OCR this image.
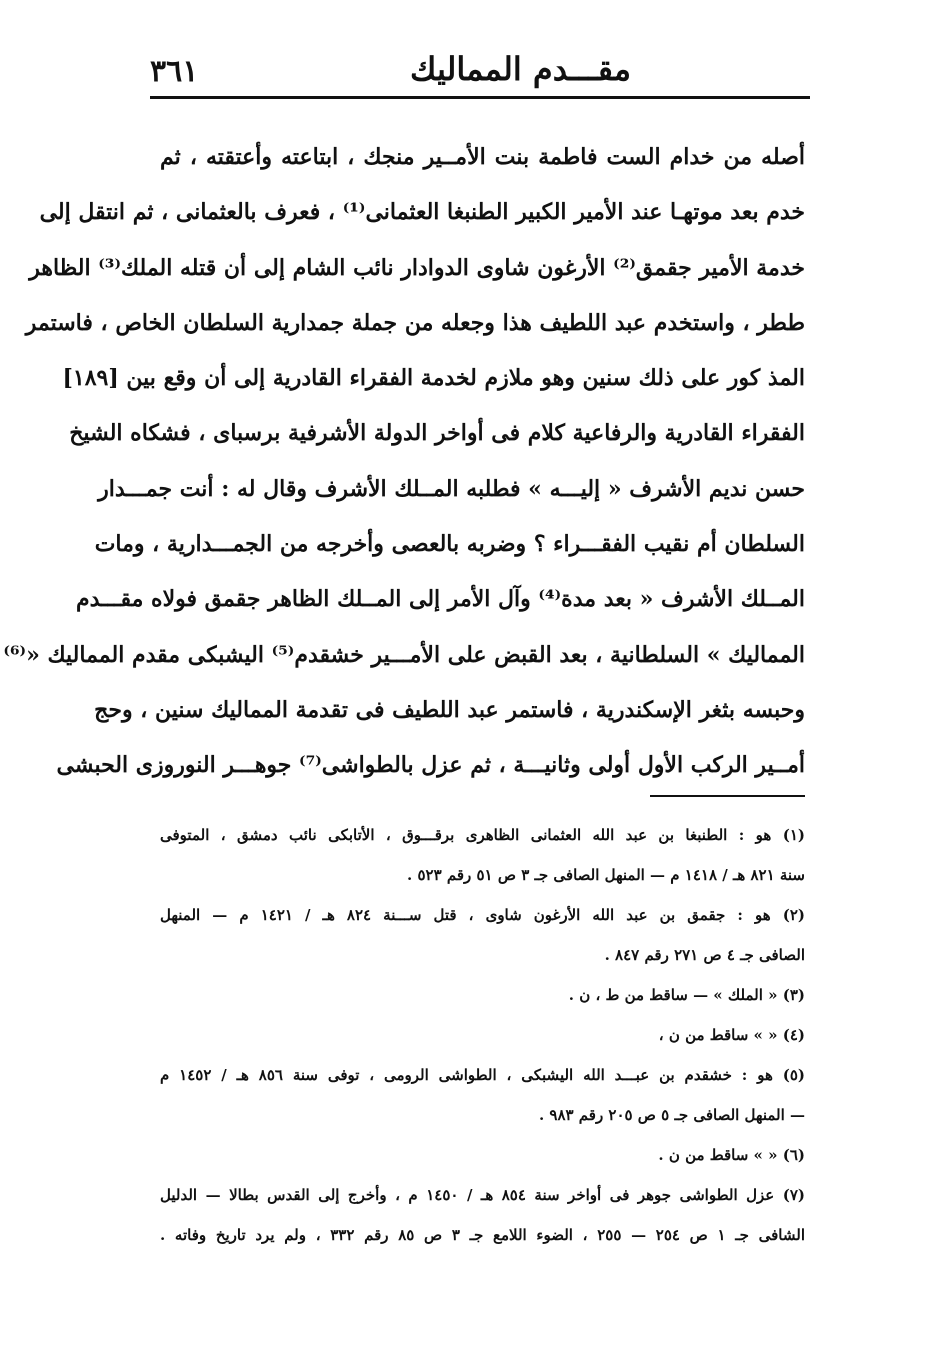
٣٦١	مقـــدم المماليك
أصله من خدام الست فاطمة بنت الأمــير منجك ، ابتاعته وأعتقته ، ثم
خدم بعد موتهـا عند الأمير الكبير الطنبغا العثمانى⁽¹⁾ ، فعرف بالعثمانى ، ثم انتقل إلى
خدمة الأمير جقمق⁽²⁾ الأرغون شاوى الدوادار نائب الشام إلى أن قتله الملك⁽³⁾ الظاهر
ططر ، واستخدم عبد اللطيف هذا وجعله من جملة جمدارية السلطان الخاص ، فاستمر
المذ كور على ذلك سنين وهو ملازم لخدمة الفقراء القادرية إلى أن وقع بين [١٨٩]
الفقراء القادرية والرفاعية كلام فى أواخر الدولة الأشرفية برسباى ، فشكاه الشيخ
حسن نديم الأشرف « إليـــه » فطلبه المــلك الأشرف وقال له : أنت جمـــدار
السلطان أم نقيب الفقـــراء ؟ وضربه بالعصى وأخرجه من الجمـــدارية ، ومات
المــلك الأشرف « بعد مدة⁽⁴⁾ وآل الأمر إلى المــلك الظاهر جقمق فولاه مقـــدم
المماليك » السلطانية ، بعد القبض على الأمـــير خشقدم⁽⁵⁾ اليشبكى مقدم المماليك «⁽⁶⁾
وحبسه بثغر الإسكندرية ، فاستمر عبد اللطيف فى تقدمة المماليك سنين ، وحج
أمــير الركب الأول أولى وثانيـــة ، ثم عزل بالطواشى⁽⁷⁾ جوهـــر النوروزى الحبشى
(١) هو : الطنبغا بن عبد الله العثمانى الظاهرى برقـــوق ، الأتابكى نائب دمشق ، المتوفى
سنة ٨٢١ هـ / ١٤١٨ م — المنهل الصافى جـ ٣ ص ٥١ رقم ٥٢٣ .
(٢) هو : جقمق بن عبد الله الأرغون شاوى ، قتل ســـنة ٨٢٤ هـ / ١٤٢١ م — المنهل
الصافى جـ ٤ ص ٢٧١ رقم ٨٤٧ .
(٣) « الملك » — ساقط من ط ، ن .
(٤) « » ساقط من ن ،
(٥) هو : خشقدم بن عبـــد الله اليشبكى ، الطواشى الرومى ، توفى سنة ٨٥٦ هـ / ١٤٥٢ م
— المنهل الصافى جـ ٥ ص ٢٠٥ رقم ٩٨٣ .
(٦) « » ساقط من ن .
(٧) عزل الطواشى جوهر فى أواخر سنة ٨٥٤ هـ / ١٤٥٠ م ، وأخرج إلى القدس بطالا — الدليل
الشافى جـ ١ ص ٢٥٤ — ٢٥٥ ، الضوء اللامع جـ ٣ ص ٨٥ رقم ٣٣٢ ، ولم يرد تاريخ وفاته .
